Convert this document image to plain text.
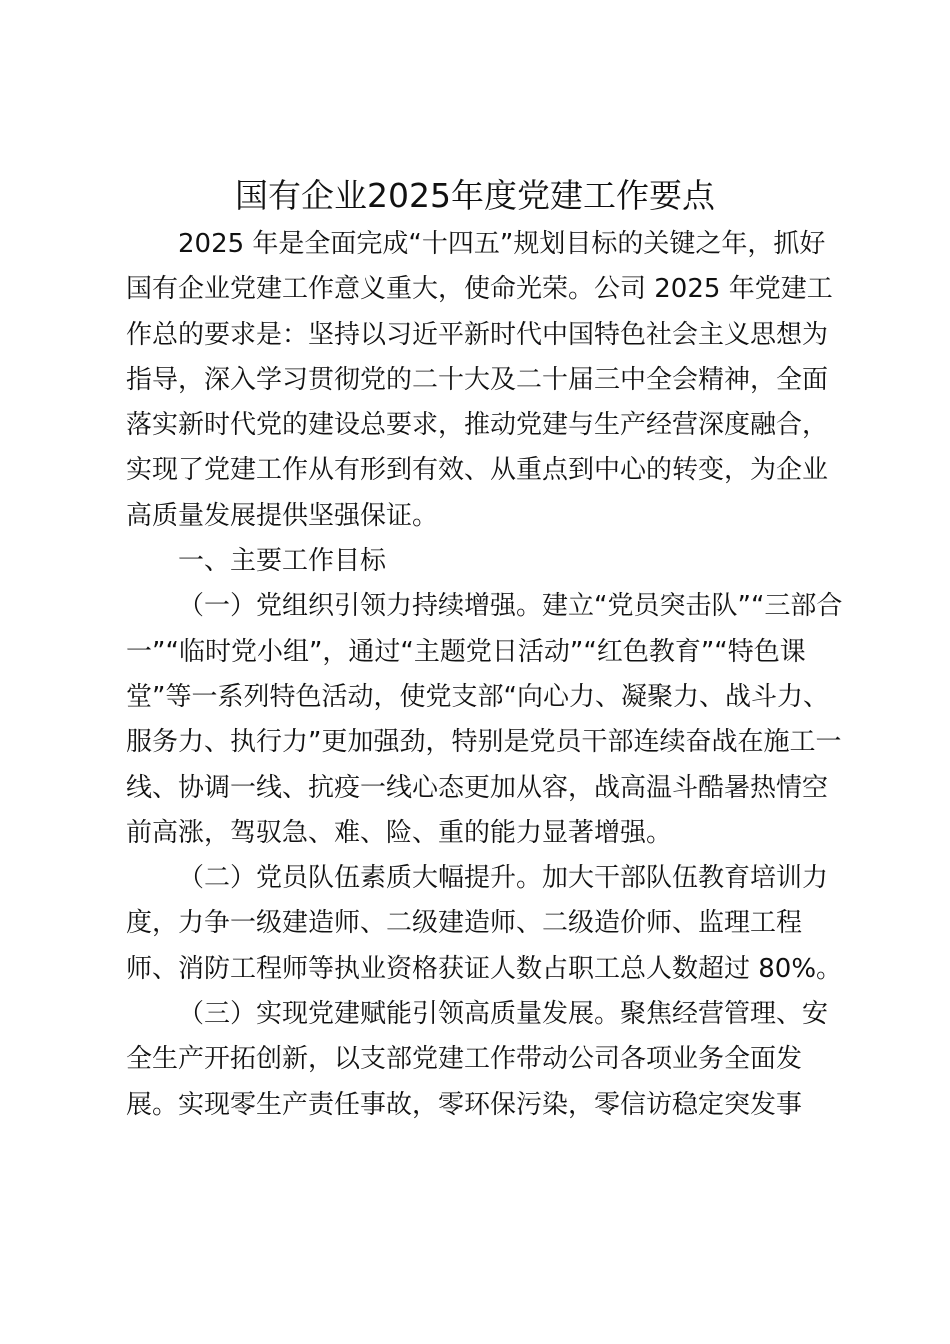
国有企业2025年度党建工作要点

2025 年是全面完成“十四五”规划目标的关键之年，抓好
国有企业党建工作意义重大，使命光荣。公司 2025 年党建工
作总的要求是：坚持以习近平新时代中国特色社会主义思想为
指导，深入学习贯彻党的二十大及二十届三中全会精神，全面
落实新时代党的建设总要求，推动党建与生产经营深度融合，
实现了党建工作从有形到有效、从重点到中心的转变，为企业
高质量发展提供坚强保证。

一、主要工作目标

（一）党组织引领力持续增强。建立“党员突击队”“三部合
一”“临时党小组”，通过“主题党日活动”“红色教育”“特色课
堂”等一系列特色活动，使党支部“向心力、凝聚力、战斗力、
服务力、执行力”更加强劲，特别是党员干部连续奋战在施工一
线、协调一线、抗疫一线心态更加从容，战高温斗酷暑热情空
前高涨，驾驭急、难、险、重的能力显著增强。

（二）党员队伍素质大幅提升。加大干部队伍教育培训力
度，力争一级建造师、二级建造师、二级造价师、监理工程
师、消防工程师等执业资格获证人数占职工总人数超过 80%。

（三）实现党建赋能引领高质量发展。聚焦经营管理、安
全生产开拓创新，以支部党建工作带动公司各项业务全面发
展。实现零生产责任事故，零环保污染，零信访稳定突发事
